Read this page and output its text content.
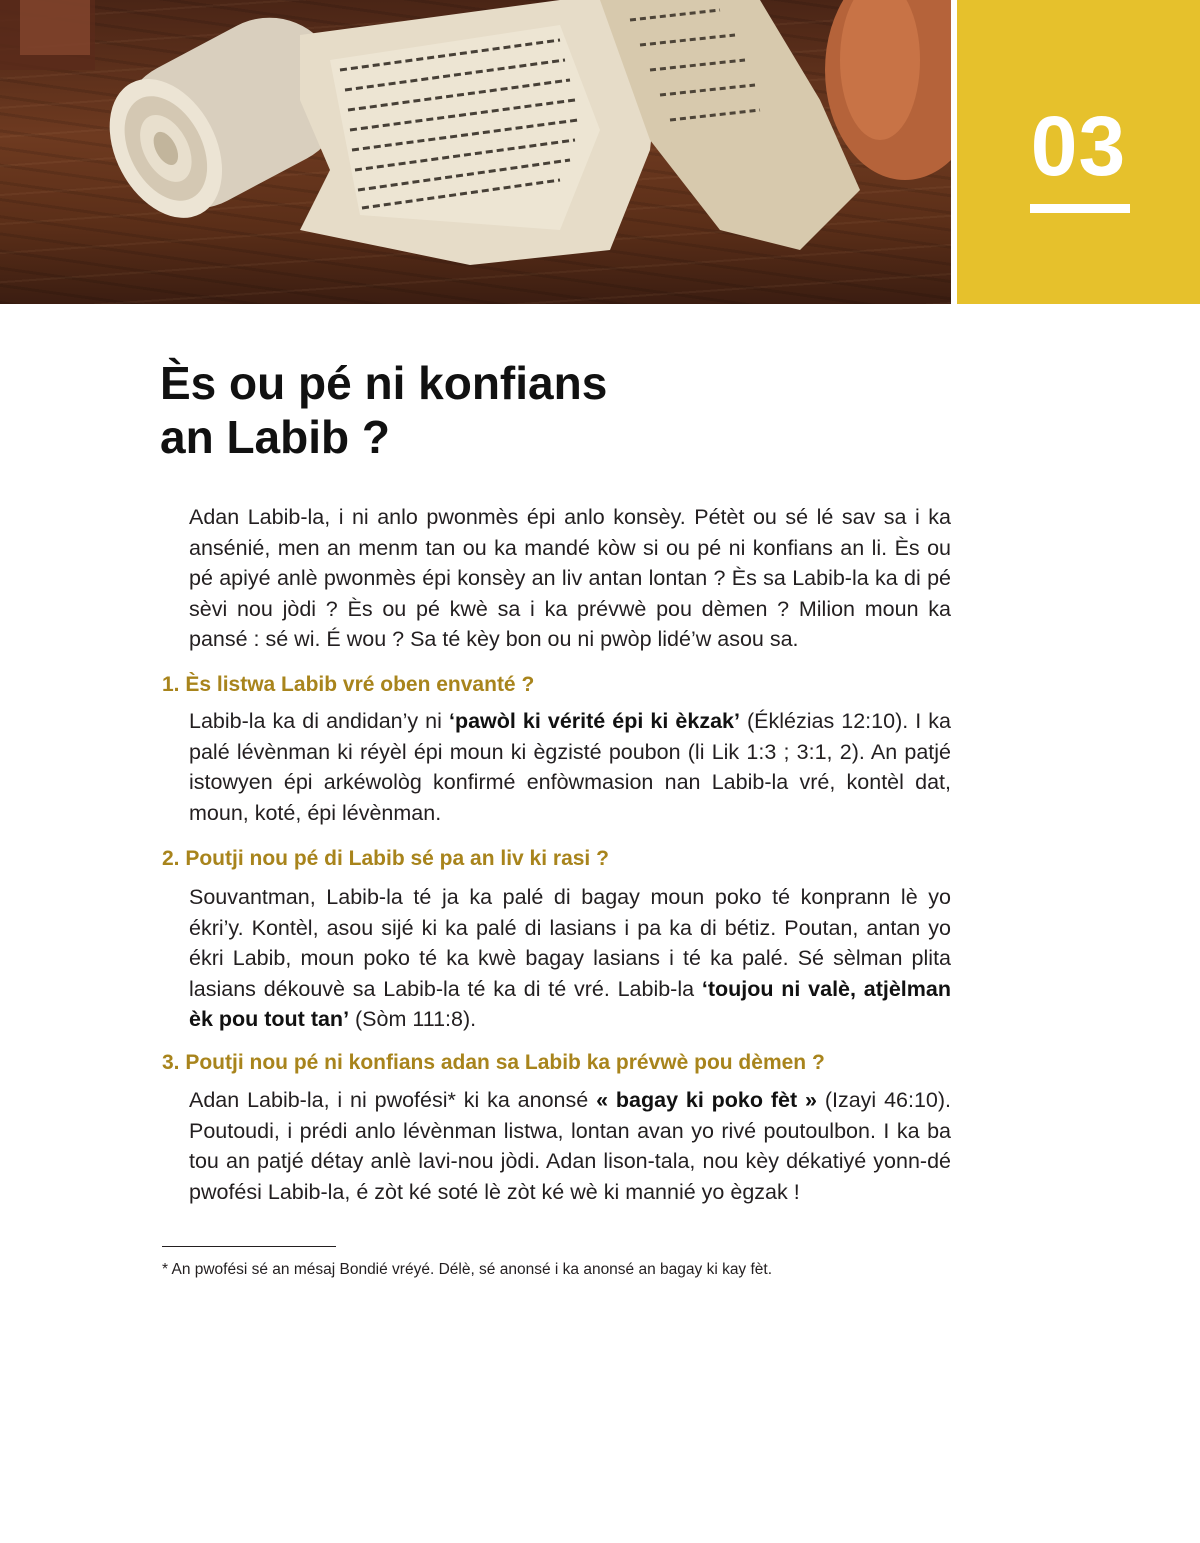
03
Ès ou pé ni konfians
an Labib ?

Adan Labib-la, i ni anlo pwonmès épi anlo konsèy. Pétèt ou sé lé sav sa i ka ansénié, men an menm tan ou ka mandé kòw si ou pé ni konfians an li. Ès ou pé apiyé anlè pwonmès épi konsèy an liv antan lontan ? Ès sa Labib-la ka di pé sèvi nou jòdi ? Ès ou pé kwè sa i ka prévwè pou dèmen ? Milion moun ka pansé : sé wi. É wou ? Sa té kèy bon ou ni pwòp lidé’w asou sa.

1. Ès listwa Labib vré oben envanté ?

Labib-la ka di andidan’y ni ‘pawòl ki vérité épi ki èkzak’ (Éklézias 12:10). I ka palé lévènman ki réyèl épi moun ki ègzisté poubon (li Lik 1:3 ; 3:1, 2). An patjé istowyen épi arkéwològ konfirmé enfòwmasion nan Labib-la vré, kontèl dat, moun, koté, épi lévènman.

2. Poutji nou pé di Labib sé pa an liv ki rasi ?

Souvantman, Labib-la té ja ka palé di bagay moun poko té konprann lè yo ékri’y. Kontèl, asou sijé ki ka palé di lasians i pa ka di bétiz. Poutan, antan yo ékri Labib, moun poko té ka kwè bagay lasians i té ka palé. Sé sèlman plita lasians dékouvè sa Labib-la té ka di té vré. Labib-la ‘toujou ni valè, atjèlman èk pou tout tan’ (Sòm 111:8).

3. Poutji nou pé ni konfians adan sa Labib ka prévwè pou dèmen ?

Adan Labib-la, i ni pwofési* ki ka anonsé « bagay ki poko fèt » (Izayi 46:10). Poutoudi, i prédi anlo lévènman listwa, lontan avan yo rivé poutoulbon. I ka ba tou an patjé détay anlè lavi-nou jòdi. Adan lison-tala, nou kèy dékatiyé yonn-dé pwofési Labib-la, é zòt ké soté lè zòt ké wè ki mannié yo ègzak !

* An pwofési sé an mésaj Bondié vréyé. Délè, sé anonsé i ka anonsé an bagay ki kay fèt.
